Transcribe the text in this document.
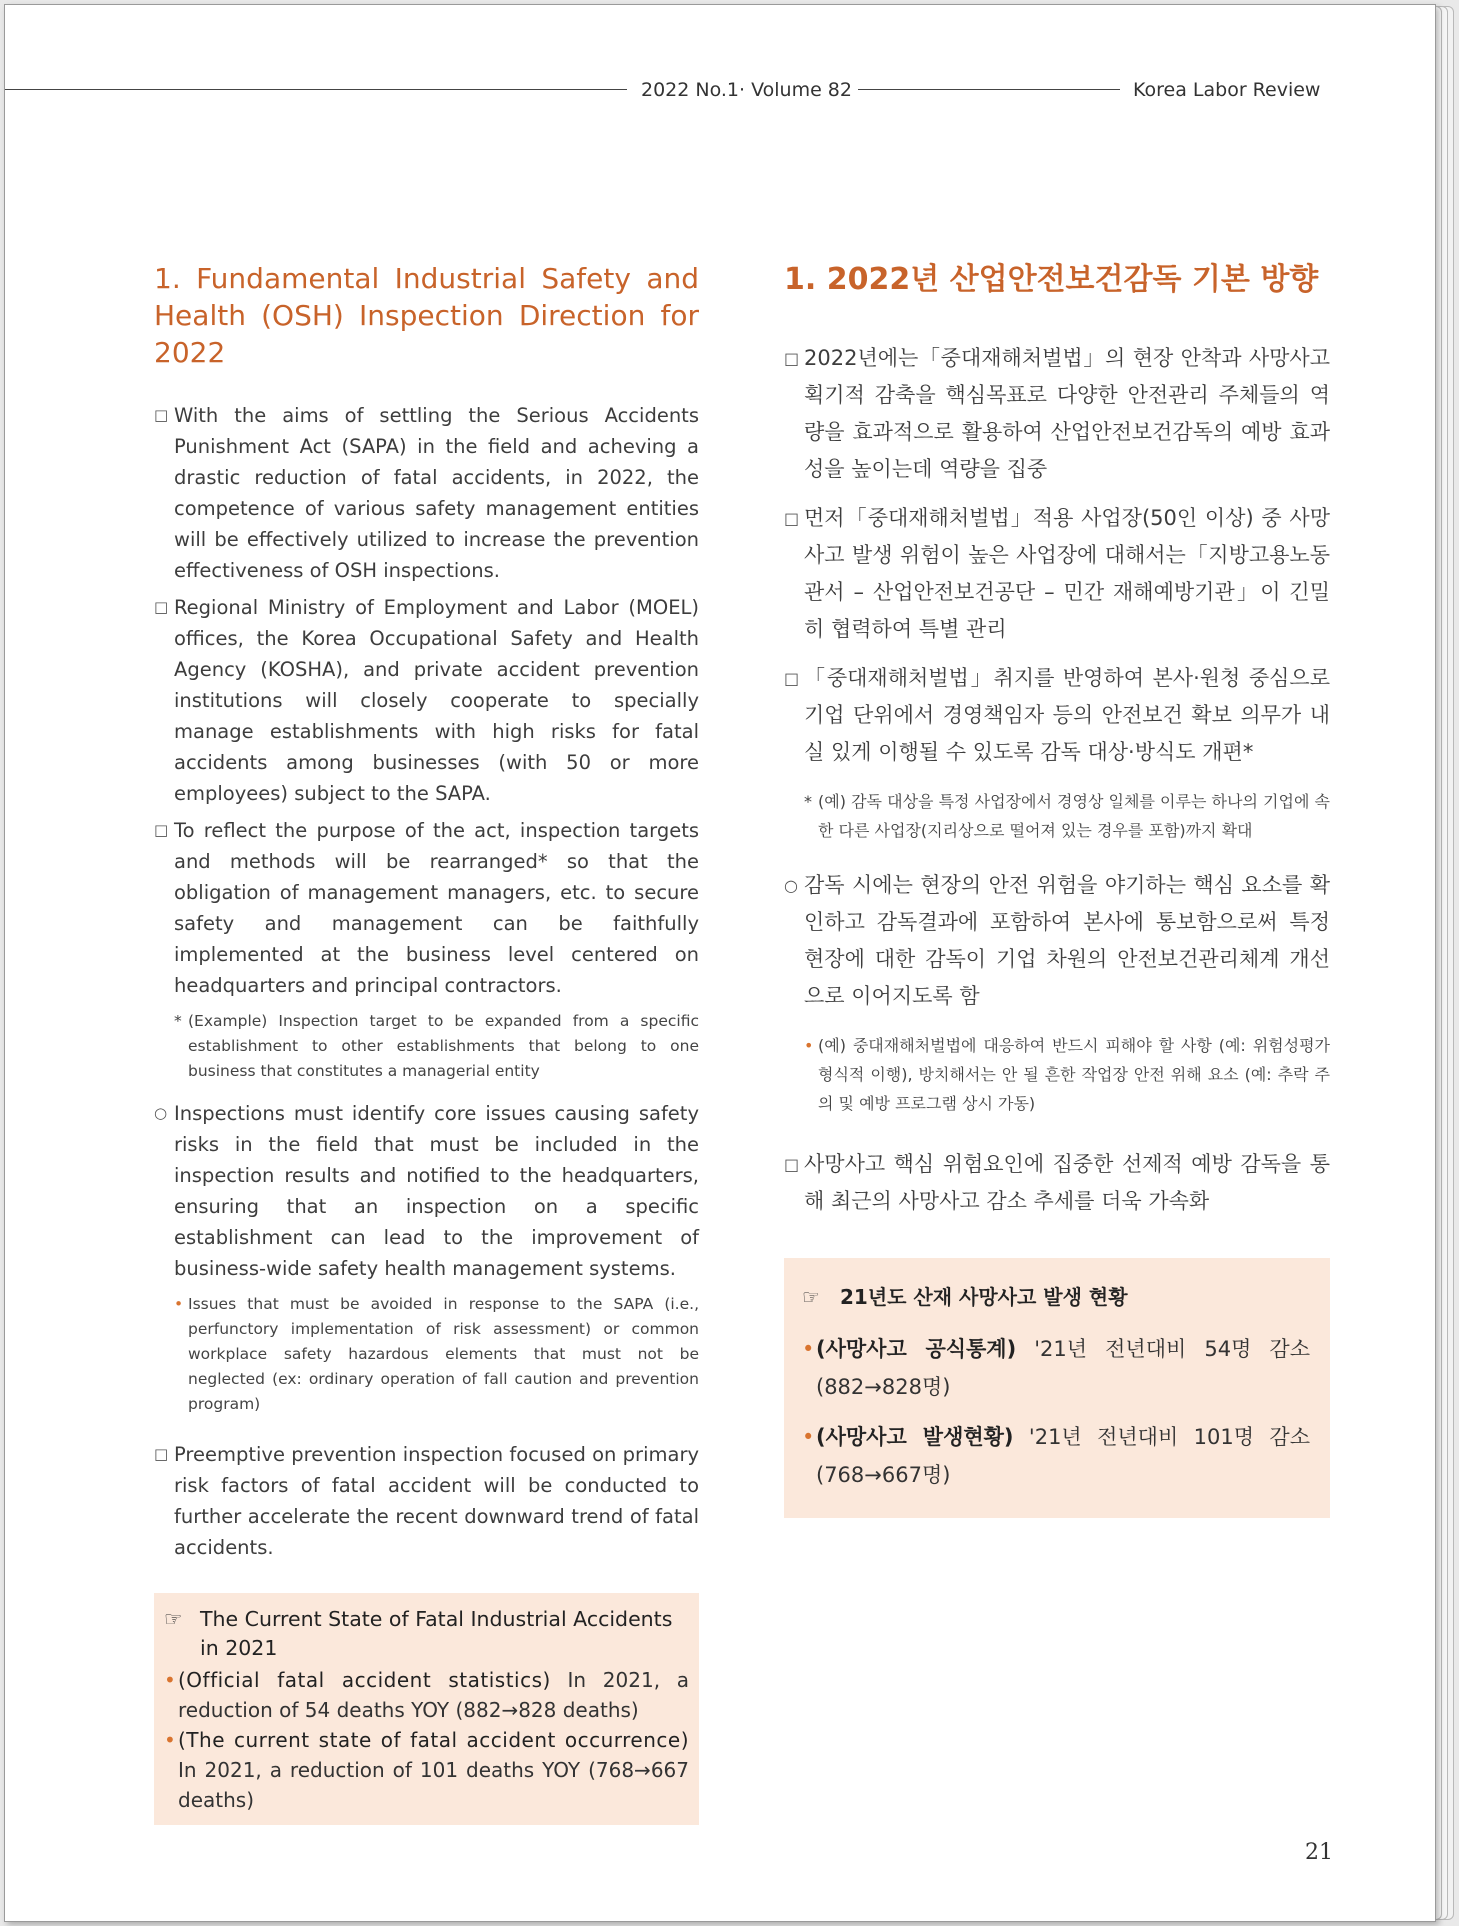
2022 No.1· Volume 82	Korea Labor Review
1. Fundamental Industrial Safety and Health (OSH) Inspection Direction for 2022
□ With the aims of settling the Serious Accidents Punishment Act (SAPA) in the field and acheving a drastic reduction of fatal accidents, in 2022, the competence of various safety management entities will be effectively utilized to increase the prevention effectiveness of OSH inspections.
□ Regional Ministry of Employment and Labor (MOEL) offices, the Korea Occupational Safety and Health Agency (KOSHA), and private accident prevention institutions will closely cooperate to specially manage establishments with high risks for fatal accidents among businesses (with 50 or more employees) subject to the SAPA.
□ To reflect the purpose of the act, inspection targets and methods will be rearranged* so that the obligation of management managers, etc. to secure safety and management can be faithfully implemented at the business level centered on headquarters and principal contractors.
* (Example) Inspection target to be expanded from a specific establishment to other establishments that belong to one business that constitutes a managerial entity
○ Inspections must identify core issues causing safety risks in the field that must be included in the inspection results and notified to the headquarters, ensuring that an inspection on a specific establishment can lead to the improvement of business-wide safety health management systems.
• Issues that must be avoided in response to the SAPA (i.e., perfunctory implementation of risk assessment) or common workplace safety hazardous elements that must not be neglected (ex: ordinary operation of fall caution and prevention program)
□ Preemptive prevention inspection focused on primary risk factors of fatal accident will be conducted to further accelerate the recent downward trend of fatal accidents.
☞ The Current State of Fatal Industrial Accidents in 2021
• (Official fatal accident statistics) In 2021, a reduction of 54 deaths YOY (882→828 deaths)
• (The current state of fatal accident occurrence) In 2021, a reduction of 101 deaths YOY (768→667 deaths)
1. 2022년 산업안전보건감독 기본 방향
□ 2022년에는「중대재해처벌법」의 현장 안착과 사망사고 획기적 감축을 핵심목표로 다양한 안전관리 주체들의 역량을 효과적으로 활용하여 산업안전보건감독의 예방 효과성을 높이는데 역량을 집중
□ 먼저「중대재해처벌법」적용 사업장(50인 이상) 중 사망사고 발생 위험이 높은 사업장에 대해서는「지방고용노동관서 – 산업안전보건공단 – 민간 재해예방기관」이 긴밀히 협력하여 특별 관리
□ 「중대재해처벌법」취지를 반영하여 본사·원청 중심으로 기업 단위에서 경영책임자 등의 안전보건 확보 의무가 내실 있게 이행될 수 있도록 감독 대상·방식도 개편*
* (예) 감독 대상을 특정 사업장에서 경영상 일체를 이루는 하나의 기업에 속한 다른 사업장(지리상으로 떨어져 있는 경우를 포함)까지 확대
○ 감독 시에는 현장의 안전 위험을 야기하는 핵심 요소를 확인하고 감독결과에 포함하여 본사에 통보함으로써 특정 현장에 대한 감독이 기업 차원의 안전보건관리체계 개선으로 이어지도록 함
• (예) 중대재해처벌법에 대응하여 반드시 피해야 할 사항 (예: 위험성평가 형식적 이행), 방치해서는 안 될 흔한 작업장 안전 위해 요소 (예: 추락 주의 및 예방 프로그램 상시 가동)
□ 사망사고 핵심 위험요인에 집중한 선제적 예방 감독을 통해 최근의 사망사고 감소 추세를 더욱 가속화
☞ 21년도 산재 사망사고 발생 현황
• (사망사고 공식통계) '21년 전년대비 54명 감소 (882→828명)
• (사망사고 발생현황) '21년 전년대비 101명 감소 (768→667명)
21
